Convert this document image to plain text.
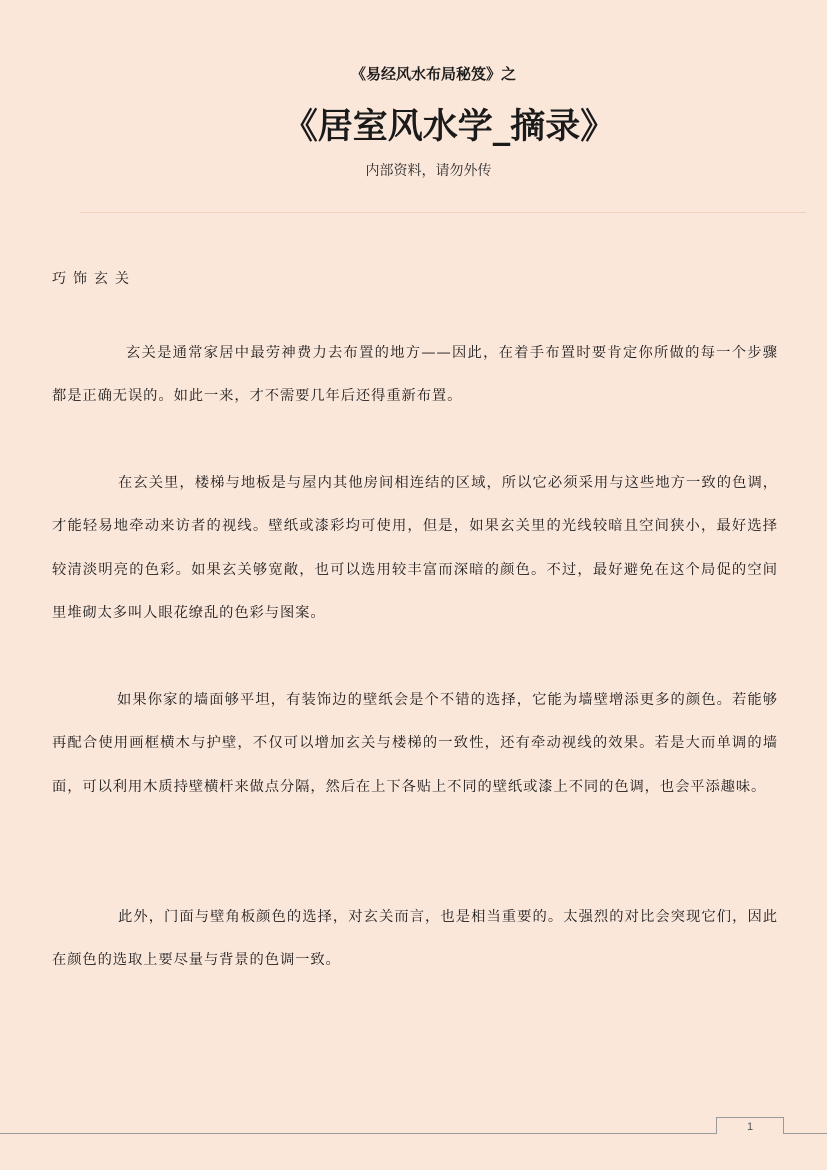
《易经风水布局秘笈》之
《居室风水学_摘录》
内部资料，请勿外传
巧饰玄关

玄关是通常家居中最劳神费力去布置的地方——因此，在着手布置时要肯定你所做的每一个步骤都是正确无误的。如此一来，才不需要几年后还得重新布置。

在玄关里，楼梯与地板是与屋内其他房间相连结的区域，所以它必须采用与这些地方一致的色调，才能轻易地牵动来访者的视线。壁纸或漆彩均可使用，但是，如果玄关里的光线较暗且空间狭小，最好选择较清淡明亮的色彩。如果玄关够宽敞，也可以选用较丰富而深暗的颜色。不过，最好避免在这个局促的空间里堆砌太多叫人眼花缭乱的色彩与图案。

如果你家的墙面够平坦，有装饰边的壁纸会是个不错的选择，它能为墙壁增添更多的颜色。若能够再配合使用画框横木与护壁，不仅可以增加玄关与楼梯的一致性，还有牵动视线的效果。若是大而单调的墙面，可以利用木质持壁横杆来做点分隔，然后在上下各贴上不同的壁纸或漆上不同的色调，也会平添趣味。

此外，门面与壁角板颜色的选择，对玄关而言，也是相当重要的。太强烈的对比会突现它们，因此在颜色的选取上要尽量与背景的色调一致。

1
